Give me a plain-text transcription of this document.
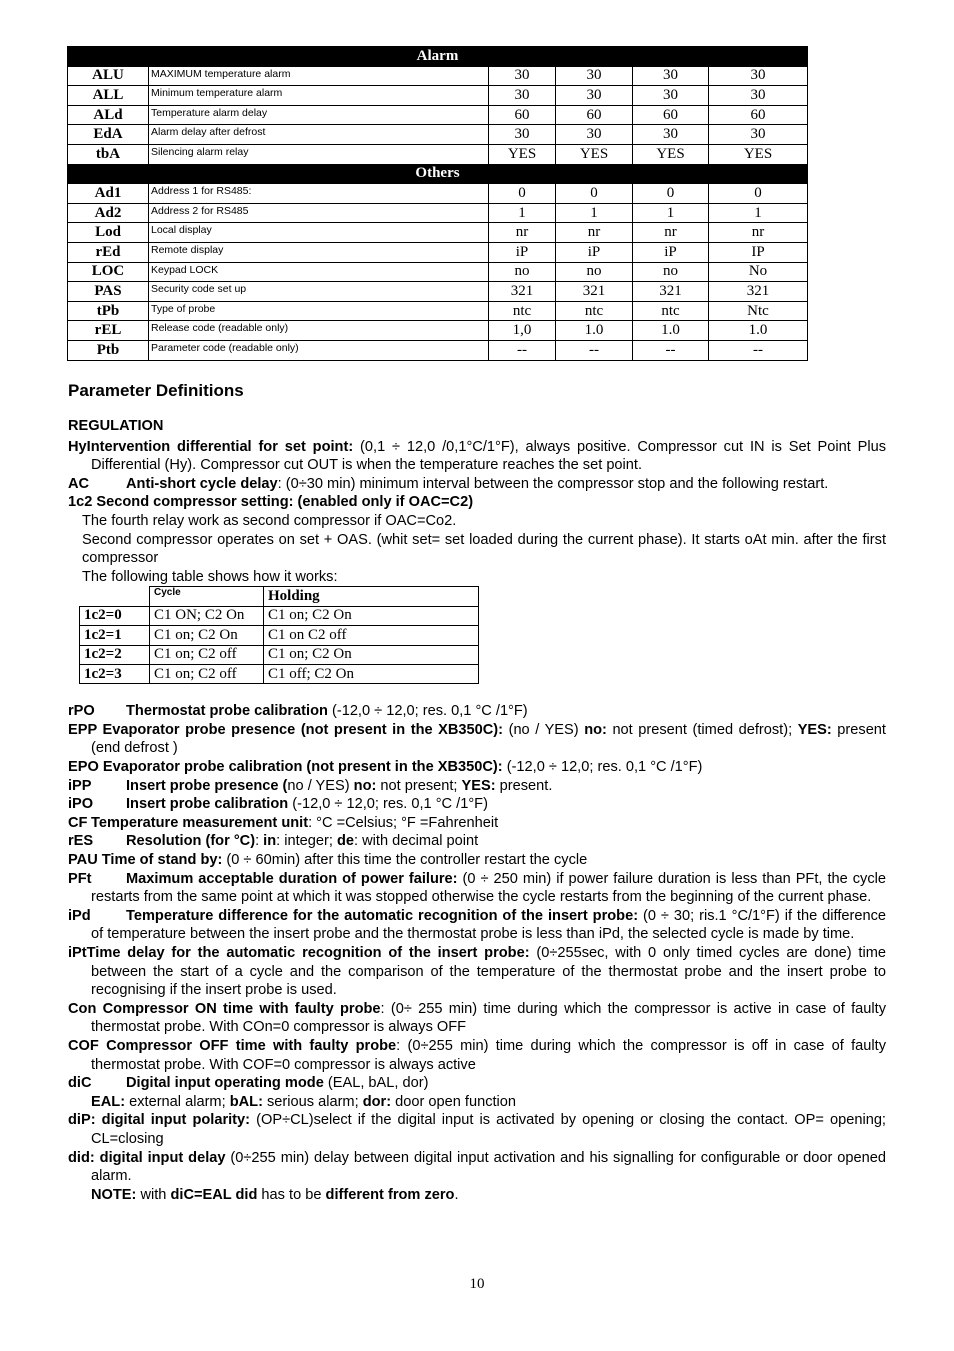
Alarm					
ALU	MAXIMUM temperature alarm	30	30	30	30
ALL	Minimum temperature alarm	30	30	30	30
ALd	Temperature alarm delay	60	60	60	60
EdA	Alarm delay after defrost	30	30	30	30
tbA	Silencing alarm relay	YES	YES	YES	YES
Others					
Ad1	Address 1 for RS485:	0	0	0	0
Ad2	Address 2 for RS485	1	1	1	1
Lod	Local display	nr	nr	nr	nr
rEd	Remote display	iP	iP	iP	IP
LOC	Keypad LOCK	no	no	no	No
PAS	Security code set up	321	321	321	321
tPb	Type of probe	ntc	ntc	ntc	Ntc
rEL	Release code (readable only)	1,0	1.0	1.0	1.0
Ptb	Parameter code (readable only)	--	--	--	--
Parameter Definitions

REGULATION

HyIntervention differential for set point: (0,1 ÷ 12,0 /0,1°C/1°F), always positive. Compressor cut IN is Set Point Plus Differential (Hy). Compressor cut OUT is when the temperature reaches the set point.
AC	Anti-short cycle delay: (0÷30 min) minimum interval between the compressor stop and the following restart.

1c2 Second compressor setting: (enabled only if OAC=C2)

The fourth relay work as second compressor if OAC=Co2.

Second compressor operates on set + OAS. (whit set= set loaded during the current phase). It starts oAt min. after the first compressor

The following table shows how it works:

	Cycle	Holding
1c2=0	C1 ON; C2 On	C1 on; C2 On
1c2=1	C1 on; C2 On	C1 on C2 off
1c2=2	C1 on; C2 off	C1 on; C2 On
1c2=3	C1 on; C2 off	C1 off; C2 On
rPO	Thermostat probe calibration (-12,0 ÷ 12,0; res. 0,1 °C /1°F)
EPP Evaporator probe presence (not present in the XB350C): (no / YES) no: not present (timed defrost); YES: present (end defrost )
EPO Evaporator probe calibration (not present in the XB350C): (-12,0 ÷ 12,0; res. 0,1 °C /1°F)
iPP	Insert probe presence (no / YES) no: not present; YES: present.
iPO	Insert probe calibration (-12,0 ÷ 12,0; res. 0,1 °C /1°F)
CF Temperature measurement unit: °C =Celsius; °F =Fahrenheit
rES	Resolution (for °C): in: integer; de: with decimal point
PAU Time of stand by: (0 ÷ 60min) after this time the controller restart the cycle
PFt Maximum acceptable duration of power failure: (0 ÷ 250 min) if power failure duration is less than PFt, the cycle restarts from the same point at which it was stopped otherwise the cycle restarts from the beginning of the current phase.
iPd Temperature difference for the automatic recognition of the insert probe: (0 ÷ 30; ris.1 °C/1°F) if the difference of temperature between the insert probe and the thermostat probe is less than iPd, the selected cycle is made by time.
iPtTime delay for the automatic recognition of the insert probe: (0÷255sec, with 0 only timed cycles are done) time between the start of a cycle and the comparison of the temperature of the thermostat probe and the insert probe to recognising if the insert probe is used.
Con Compressor ON time with faulty probe: (0÷ 255 min) time during which the compressor is active in case of faulty thermostat probe. With COn=0 compressor is always OFF
COF Compressor OFF time with faulty probe: (0÷255 min) time during which the compressor is off in case of faulty thermostat probe. With COF=0 compressor is always active
diC	Digital input operating mode (EAL, bAL, dor)
EAL: external alarm; bAL: serious alarm; dor: door open function
diP: digital input polarity: (OP÷CL)select if the digital input is activated by opening or closing the contact. OP= opening; CL=closing
did: digital input delay (0÷255 min) delay between digital input activation and his signalling for configurable or door opened alarm.
NOTE: with diC=EAL did has to be different from zero.
10
